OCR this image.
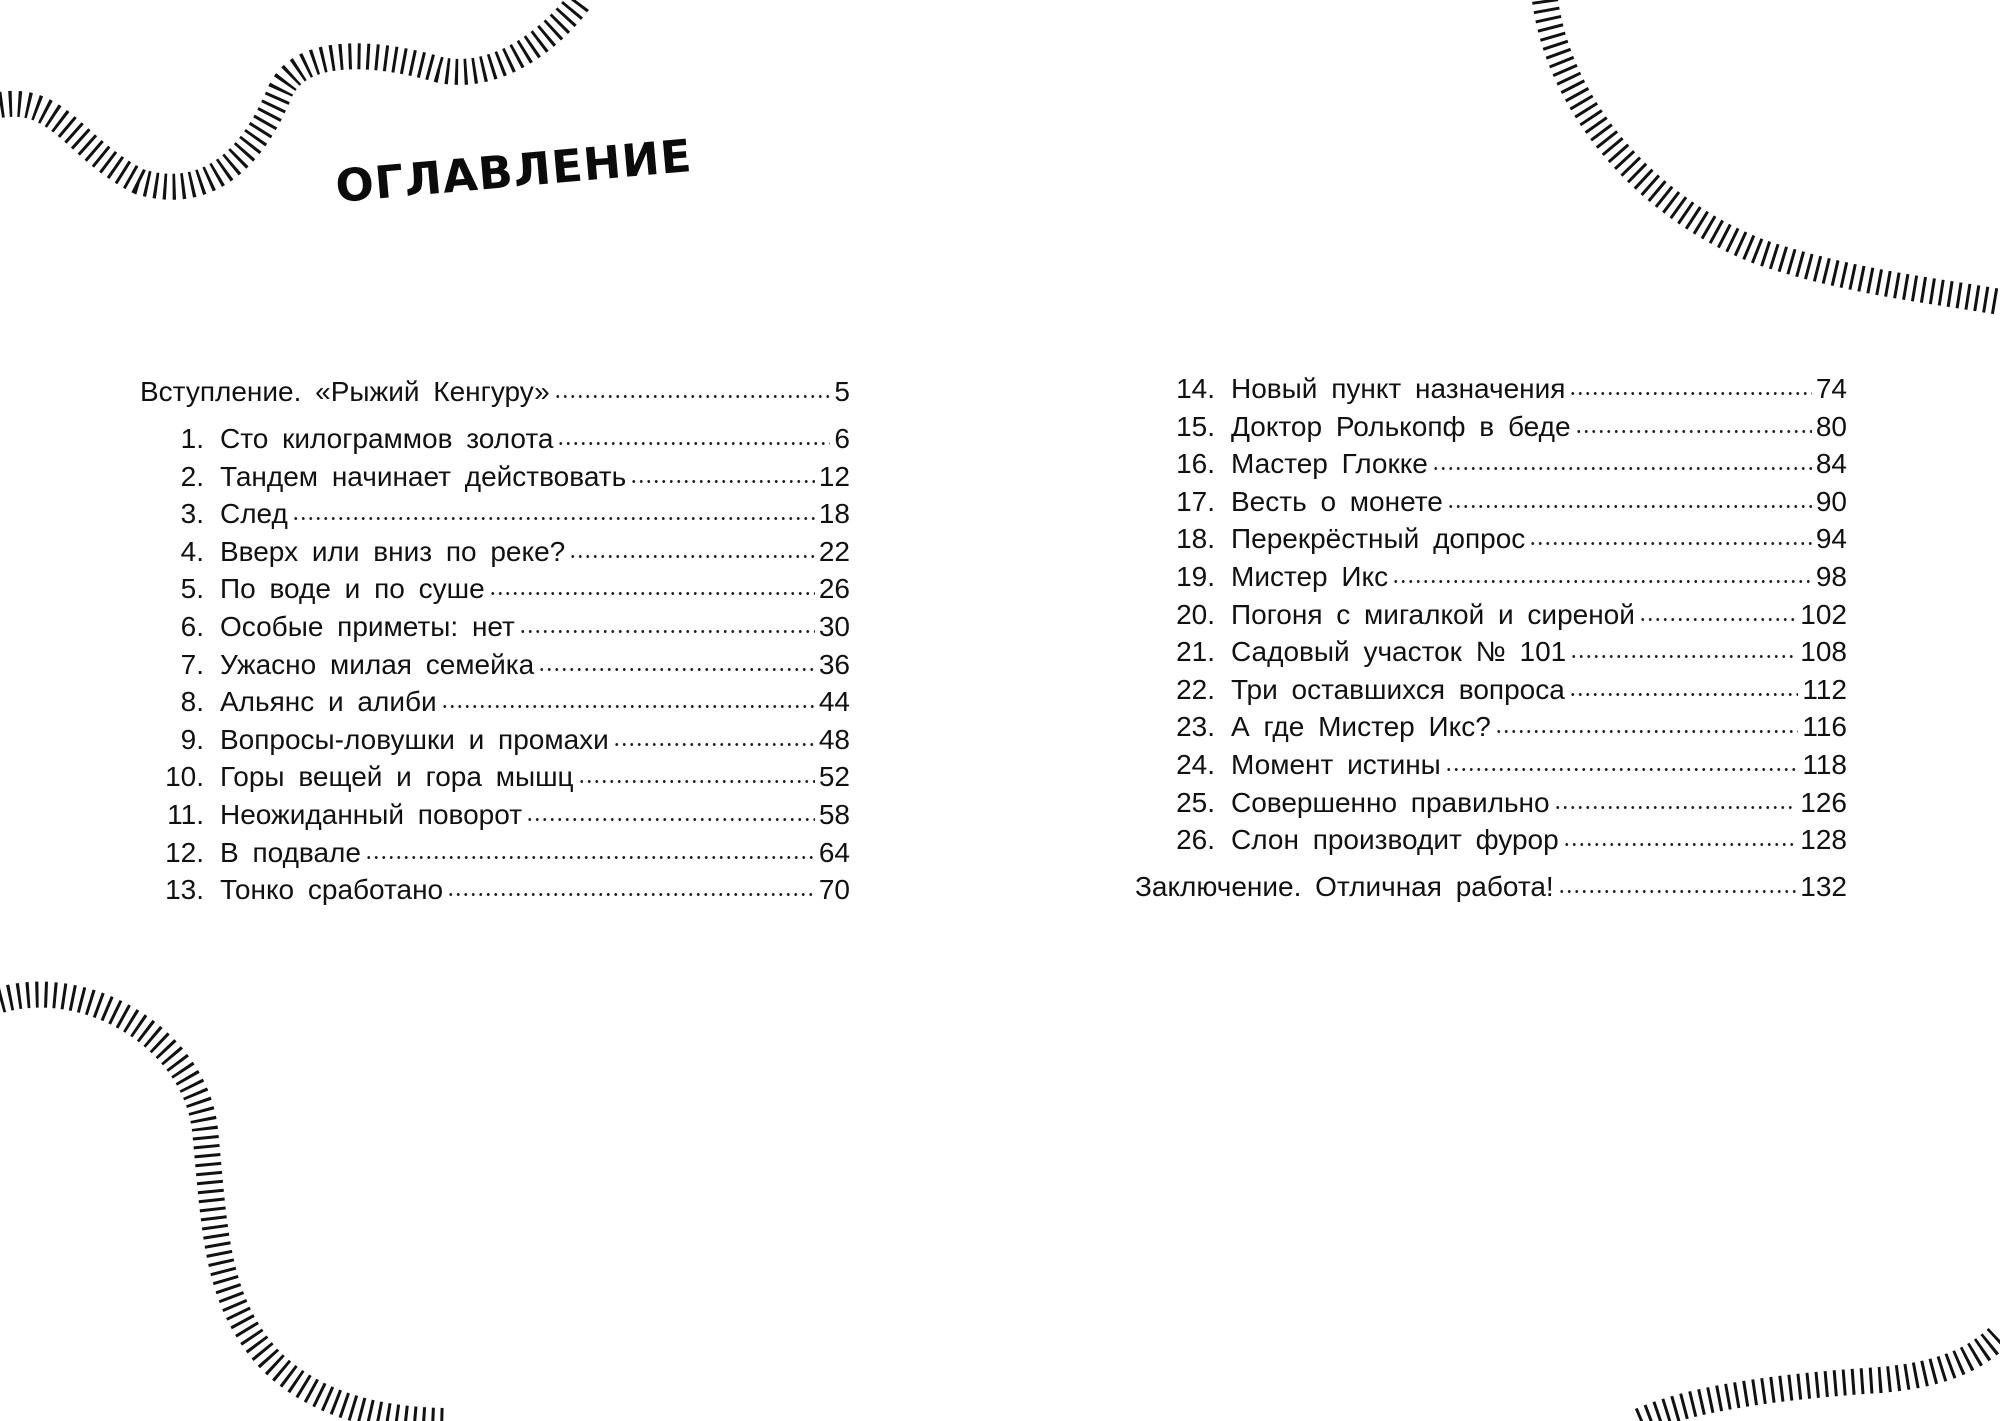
ОГЛАВЛЕНИЕ
Вступление. «Рыжий Кенгуру»	5
1. Сто килограммов золота	6
2. Тандем начинает действовать	12
3. След	18
4. Вверх или вниз по реке?	22
5. По воде и по суше	26
6. Особые приметы: нет	30
7. Ужасно милая семейка	36
8. Альянс и алиби	44
9. Вопросы-ловушки и промахи	48
10. Горы вещей и гора мышц	52
11. Неожиданный поворот	58
12. В подвале	64
13. Тонко сработано	70
14. Новый пункт назначения	74
15. Доктор Ролькопф в беде	80
16. Мастер Глокке	84
17. Весть о монете	90
18. Перекрёстный допрос	94
19. Мистер Икс	98
20. Погоня с мигалкой и сиреной	102
21. Садовый участок № 101	108
22. Три оставшихся вопроса	112
23. А где Мистер Икс?	116
24. Момент истины	118
25. Совершенно правильно	126
26. Слон производит фурор	128
Заключение. Отличная работа!	132
